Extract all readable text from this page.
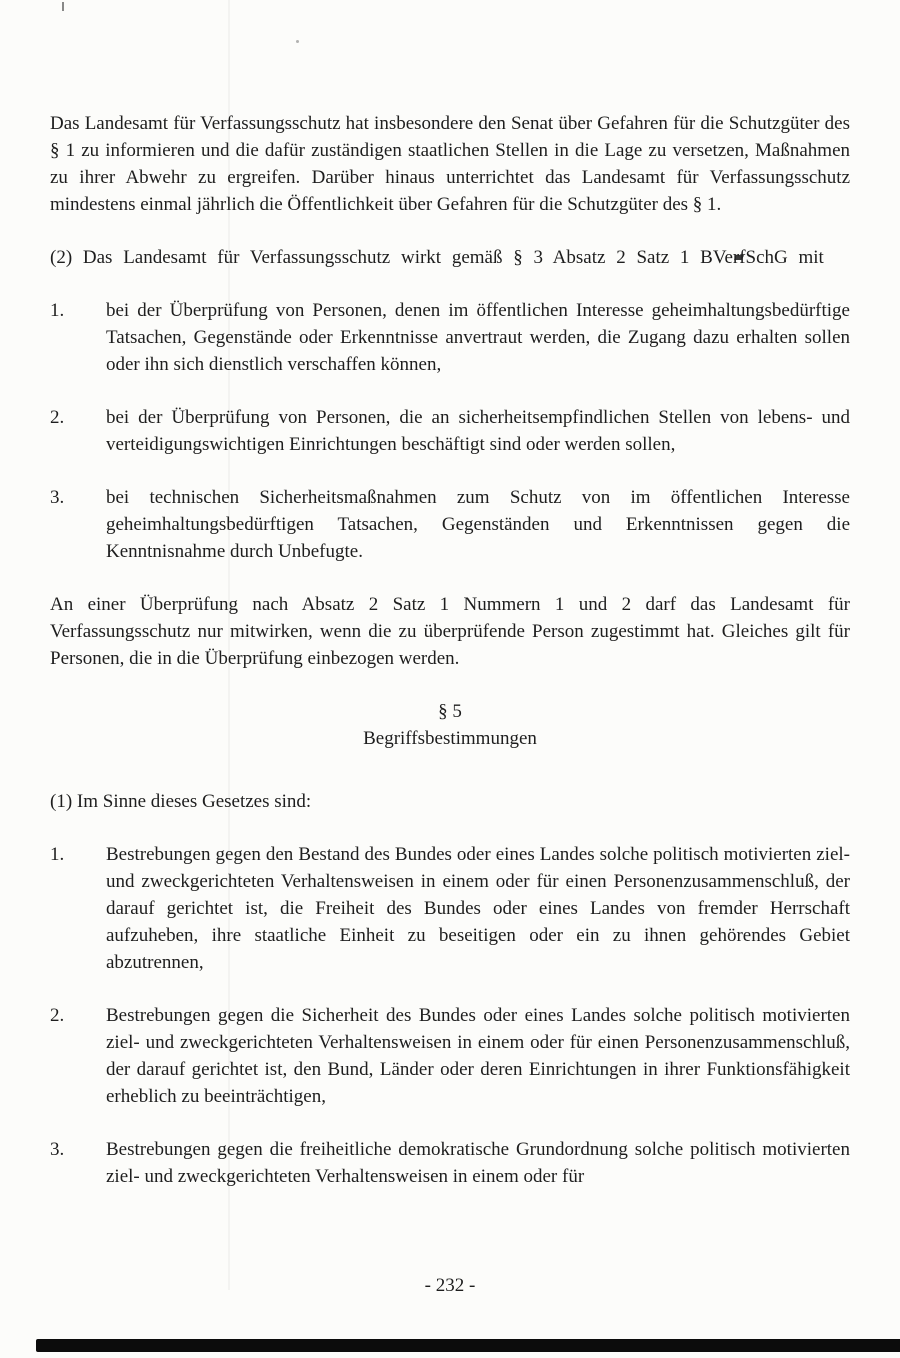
Das Landesamt für Verfassungsschutz hat insbesondere den Senat über Gefahren für die Schutzgüter des § 1 zu informieren und die dafür zuständigen staatlichen Stellen in die Lage zu versetzen, Maßnahmen zu ihrer Abwehr zu ergreifen. Darüber hinaus unterrichtet das Landesamt für Verfassungsschutz mindestens einmal jährlich die Öffentlichkeit über Gefahren für die Schutzgüter des § 1.

(2) Das Landesamt für Verfassungsschutz wirkt gemäß § 3 Absatz 2 Satz 1 BVerfSchG mit

1.	bei der Überprüfung von Personen, denen im öffentlichen Interesse geheimhaltungsbedürftige Tatsachen, Gegenstände oder Erkenntnisse anvertraut werden, die Zugang dazu erhalten sollen oder ihn sich dienstlich verschaffen können,
2.	bei der Überprüfung von Personen, die an sicherheitsempfindlichen Stellen von lebens- und verteidigungswichtigen Einrichtungen beschäftigt sind oder werden sollen,
3.	bei technischen Sicherheitsmaßnahmen zum Schutz von im öffentlichen Interesse geheimhaltungsbedürftigen Tatsachen, Gegenständen und Erkenntnissen gegen die Kenntnisnahme durch Unbefugte.

An einer Überprüfung nach Absatz 2 Satz 1 Nummern 1 und 2 darf das Landesamt für Verfassungsschutz nur mitwirken, wenn die zu überprüfende Person zugestimmt hat. Gleiches gilt für Personen, die in die Überprüfung einbezogen werden.

§ 5
Begriffsbestimmungen

(1) Im Sinne dieses Gesetzes sind:

1.	Bestrebungen gegen den Bestand des Bundes oder eines Landes solche politisch motivierten ziel- und zweckgerichteten Verhaltensweisen in einem oder für einen Personenzusammenschluß, der darauf gerichtet ist, die Freiheit des Bundes oder eines Landes von fremder Herrschaft aufzuheben, ihre staatliche Einheit zu beseitigen oder ein zu ihnen gehörendes Gebiet abzutrennen,
2.	Bestrebungen gegen die Sicherheit des Bundes oder eines Landes solche politisch motivierten ziel- und zweckgerichteten Verhaltensweisen in einem oder für einen Personenzusammenschluß, der darauf gerichtet ist, den Bund, Länder oder deren Einrichtungen in ihrer Funktionsfähigkeit erheblich zu beeinträchtigen,
3.	Bestrebungen gegen die freiheitliche demokratische Grundordnung solche politisch motivierten ziel- und zweckgerichteten Verhaltensweisen in einem oder für
- 232 -
